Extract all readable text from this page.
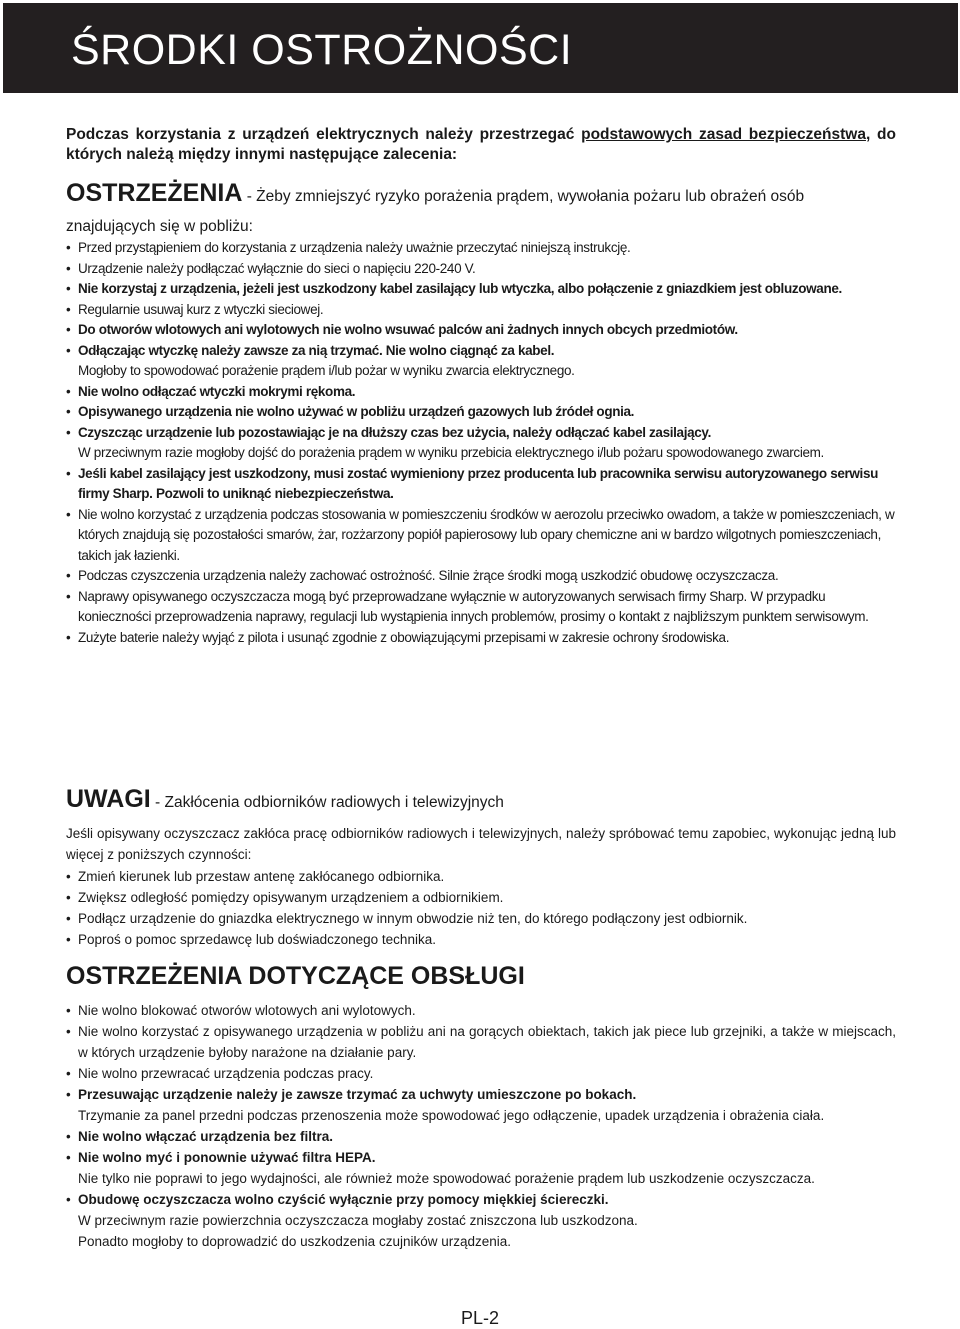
ŚRODKI OSTROŻNOŚCI

Podczas korzystania z urządzeń elektrycznych należy przestrzegać podstawowych zasad bezpieczeństwa, do których należą między innymi następujące zalecenia:

OSTRZEŻENIA - Żeby zmniejszyć ryzyko porażenia prądem, wywołania pożaru lub obrażeń osób znajdujących się w pobliżu:
• Przed przystąpieniem do korzystania z urządzenia należy uważnie przeczytać niniejszą instrukcję.
• Urządzenie należy podłączać wyłącznie do sieci o napięciu 220-240 V.
• Nie korzystaj z urządzenia, jeżeli jest uszkodzony kabel zasilający lub wtyczka, albo połączenie z gniazdkiem jest obluzowane.
• Regularnie usuwaj kurz z wtyczki sieciowej.
• Do otworów wlotowych ani wylotowych nie wolno wsuwać palców ani żadnych innych obcych przedmiotów.
• Odłączając wtyczkę należy zawsze za nią trzymać. Nie wolno ciągnąć za kabel.
Mogłoby to spowodować porażenie prądem i/lub pożar w wyniku zwarcia elektrycznego.
• Nie wolno odłączać wtyczki mokrymi rękoma.
• Opisywanego urządzenia nie wolno używać w pobliżu urządzeń gazowych lub źródeł ognia.
• Czyszcząc urządzenie lub pozostawiając je na dłuższy czas bez użycia, należy odłączać kabel zasilający.
W przeciwnym razie mogłoby dojść do porażenia prądem w wyniku przebicia elektrycznego i/lub pożaru spowodowanego zwarciem.
• Jeśli kabel zasilający jest uszkodzony, musi zostać wymieniony przez producenta lub pracownika serwisu autoryzowanego serwisu firmy Sharp. Pozwoli to uniknąć niebezpieczeństwa.
• Nie wolno korzystać z urządzenia podczas stosowania w pomieszczeniu środków w aerozolu przeciwko owadom, a także w pomieszczeniach, w których znajdują się pozostałości smarów, żar, rozżarzony popiół papierosowy lub opary chemiczne ani w bardzo wilgotnych pomieszczeniach, takich jak łazienki.
• Podczas czyszczenia urządzenia należy zachować ostrożność. Silnie żrące środki mogą uszkodzić obudowę oczyszczacza.
• Naprawy opisywanego oczyszczacza mogą być przeprowadzane wyłącznie w autoryzowanych serwisach firmy Sharp. W przypadku konieczności przeprowadzenia naprawy, regulacji lub wystąpienia innych problemów, prosimy o kontakt z najbliższym punktem serwisowym.
• Zużyte baterie należy wyjąć z pilota i usunąć zgodnie z obowiązującymi przepisami w zakresie ochrony środowiska.
UWAGI - Zakłócenia odbiorników radiowych i telewizyjnych

Jeśli opisywany oczyszczacz zakłóca pracę odbiorników radiowych i telewizyjnych, należy spróbować temu zapobiec, wykonując jedną lub więcej z poniższych czynności:

• Zmień kierunek lub przestaw antenę zakłócanego odbiornika.
• Zwiększ odległość pomiędzy opisywanym urządzeniem a odbiornikiem.
• Podłącz urządzenie do gniazdka elektrycznego w innym obwodzie niż ten, do którego podłączony jest odbiornik.
• Poproś o pomoc sprzedawcę lub doświadczonego technika.
OSTRZEŻENIA DOTYCZĄCE OBSŁUGI
• Nie wolno blokować otworów wlotowych ani wylotowych.
• Nie wolno korzystać z opisywanego urządzenia w pobliżu ani na gorących obiektach, takich jak piece lub grzejniki, a także w miejscach, w których urządzenie byłoby narażone na działanie pary.
• Nie wolno przewracać urządzenia podczas pracy.
• Przesuwając urządzenie należy je zawsze trzymać za uchwyty umieszczone po bokach.
Trzymanie za panel przedni podczas przenoszenia może spowodować jego odłączenie, upadek urządzenia i obrażenia ciała.
• Nie wolno włączać urządzenia bez filtra.
• Nie wolno myć i ponownie używać filtra HEPA.
Nie tylko nie poprawi to jego wydajności, ale również może spowodować porażenie prądem lub uszkodzenie oczyszczacza.
• Obudowę oczyszczacza wolno czyścić wyłącznie przy pomocy miękkiej ściereczki.
W przeciwnym razie powierzchnia oczyszczacza mogłaby zostać zniszczona lub uszkodzona.
Ponadto mogłoby to doprowadzić do uszkodzenia czujników urządzenia.
PL-2
